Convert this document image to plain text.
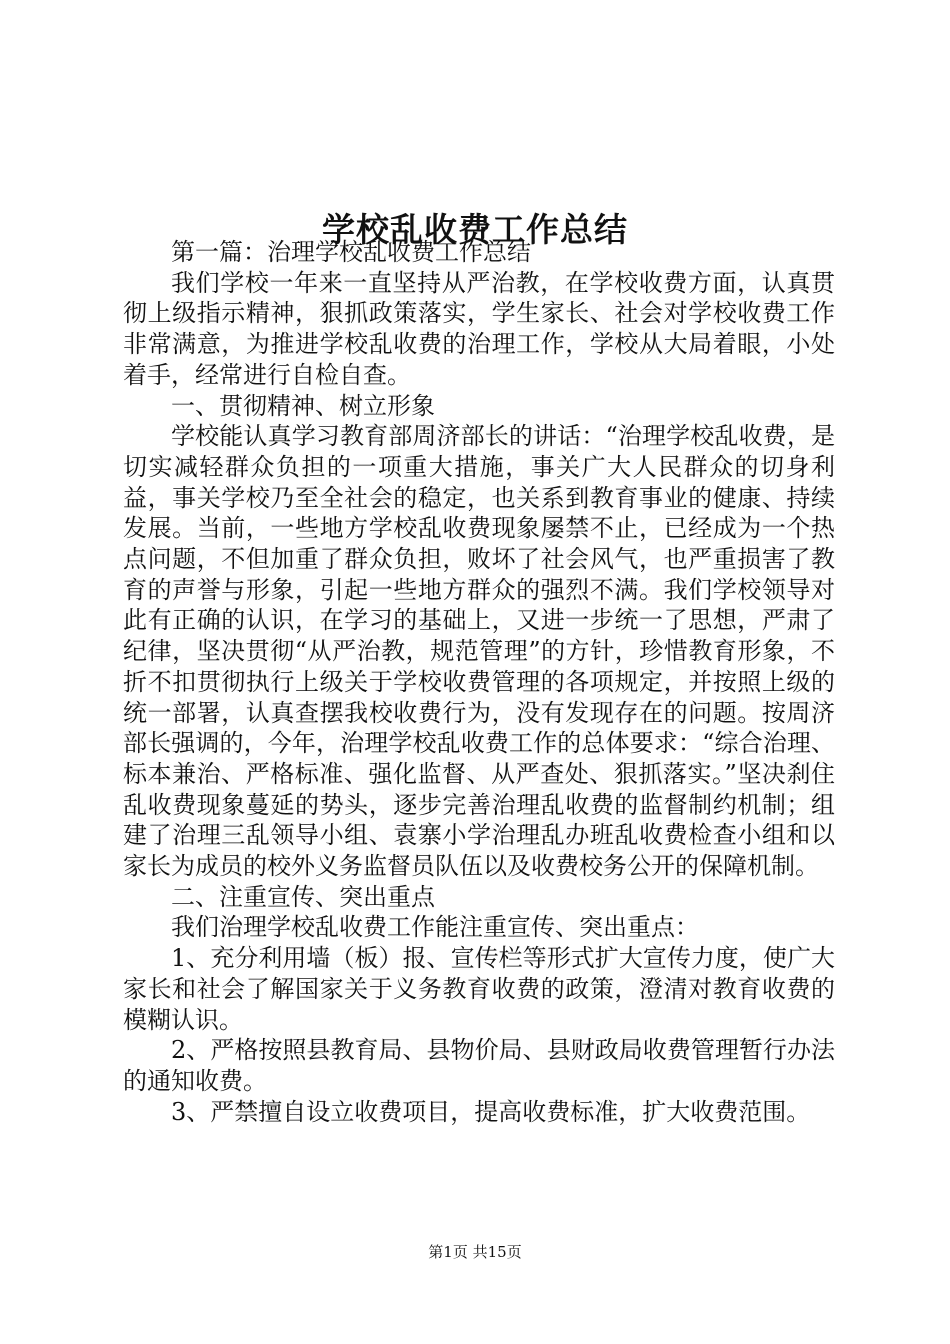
学校乱收费工作总结

第一篇：治理学校乱收费工作总结

我们学校一年来一直坚持从严治教，在学校收费方面，认真贯彻上级指示精神，狠抓政策落实，学生家长、社会对学校收费工作非常满意，为推进学校乱收费的治理工作，学校从大局着眼，小处着手，经常进行自检自查。

一、贯彻精神、树立形象

学校能认真学习教育部周济部长的讲话：“治理学校乱收费，是切实减轻群众负担的一项重大措施，事关广大人民群众的切身利益，事关学校乃至全社会的稳定，也关系到教育事业的健康、持续发展。当前，一些地方学校乱收费现象屡禁不止，已经成为一个热点问题，不但加重了群众负担，败坏了社会风气，也严重损害了教育的声誉与形象，引起一些地方群众的强烈不满。我们学校领导对此有正确的认识，在学习的基础上，又进一步统一了思想，严肃了纪律，坚决贯彻“从严治教，规范管理”的方针，珍惜教育形象，不折不扣贯彻执行上级关于学校收费管理的各项规定，并按照上级的统一部署，认真查摆我校收费行为，没有发现存在的问题。按周济部长强调的，今年，治理学校乱收费工作的总体要求：“综合治理、标本兼治、严格标准、强化监督、从严查处、狠抓落实。”坚决刹住乱收费现象蔓延的势头，逐步完善治理乱收费的监督制约机制；组建了治理三乱领导小组、袁寨小学治理乱办班乱收费检查小组和以家长为成员的校外义务监督员队伍以及收费校务公开的保障机制。

二、注重宣传、突出重点

我们治理学校乱收费工作能注重宣传、突出重点：

1、充分利用墙（板）报、宣传栏等形式扩大宣传力度，使广大家长和社会了解国家关于义务教育收费的政策，澄清对教育收费的模糊认识。

2、严格按照县教育局、县物价局、县财政局收费管理暂行办法的通知收费。

3、严禁擅自设立收费项目，提高收费标准，扩大收费范围。

第1页 共15页
